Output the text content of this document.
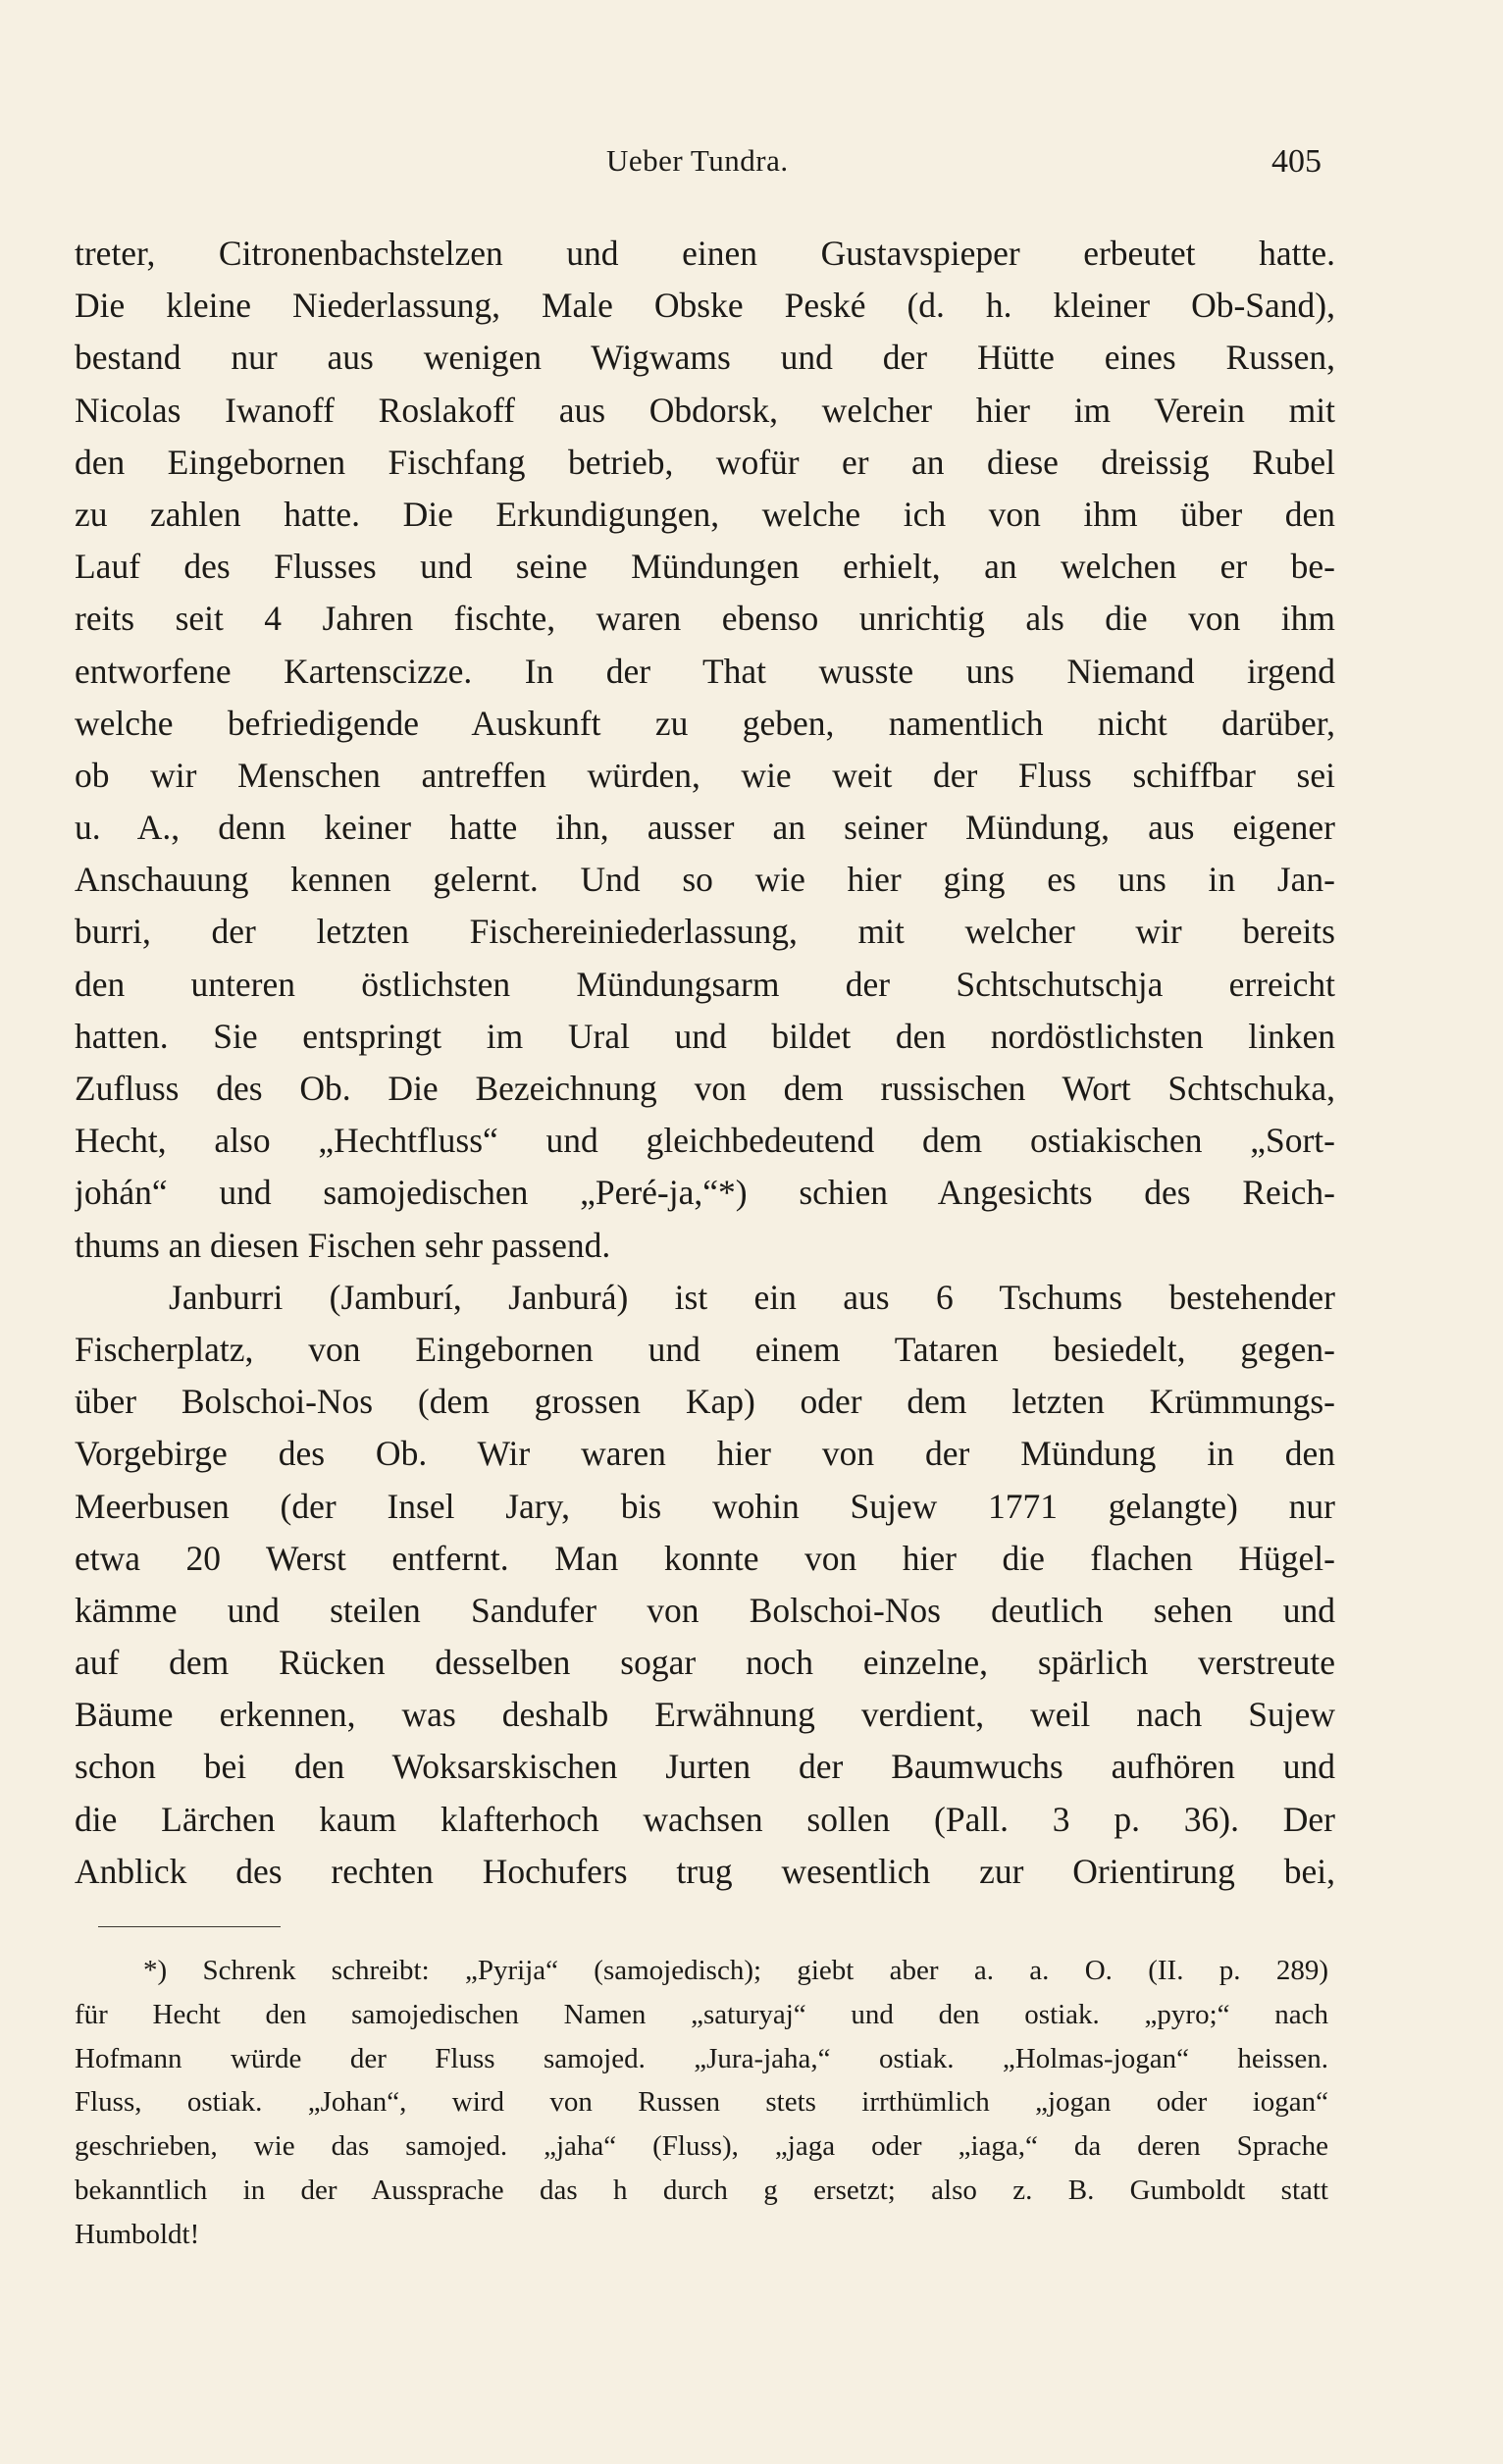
Ueber Tundra.	405
treter, Citronenbachstelzen und einen Gustavspieper erbeutet hatte.
Die kleine Niederlassung, Male Obske Peské (d. h. kleiner Ob-Sand),
bestand nur aus wenigen Wigwams und der Hütte eines Russen,
Nicolas Iwanoff Roslakoff aus Obdorsk, welcher hier im Verein mit
den Eingebornen Fischfang betrieb, wofür er an diese dreissig Rubel
zu zahlen hatte. Die Erkundigungen, welche ich von ihm über den
Lauf des Flusses und seine Mündungen erhielt, an welchen er be-
reits seit 4 Jahren fischte, waren ebenso unrichtig als die von ihm
entworfene Kartenscizze. In der That wusste uns Niemand irgend
welche befriedigende Auskunft zu geben, namentlich nicht darüber,
ob wir Menschen antreffen würden, wie weit der Fluss schiffbar sei
u. A., denn keiner hatte ihn, ausser an seiner Mündung, aus eigener
Anschauung kennen gelernt. Und so wie hier ging es uns in Jan-
burri, der letzten Fischereiniederlassung, mit welcher wir bereits
den unteren östlichsten Mündungsarm der Schtschutschja erreicht
hatten. Sie entspringt im Ural und bildet den nordöstlichsten linken
Zufluss des Ob. Die Bezeichnung von dem russischen Wort Schtschuka,
Hecht, also „Hechtfluss“ und gleichbedeutend dem ostiakischen „Sort-
johán“ und samojedischen „Peré-ja,“*) schien Angesichts des Reich-
thums an diesen Fischen sehr passend.
Janburri (Jamburí, Janburá) ist ein aus 6 Tschums bestehender
Fischerplatz, von Eingebornen und einem Tataren besiedelt, gegen-
über Bolschoi-Nos (dem grossen Kap) oder dem letzten Krümmungs-
Vorgebirge des Ob. Wir waren hier von der Mündung in den
Meerbusen (der Insel Jary, bis wohin Sujew 1771 gelangte) nur
etwa 20 Werst entfernt. Man konnte von hier die flachen Hügel-
kämme und steilen Sandufer von Bolschoi-Nos deutlich sehen und
auf dem Rücken desselben sogar noch einzelne, spärlich verstreute
Bäume erkennen, was deshalb Erwähnung verdient, weil nach Sujew
schon bei den Woksarskischen Jurten der Baumwuchs aufhören und
die Lärchen kaum klafterhoch wachsen sollen (Pall. 3 p. 36). Der
Anblick des rechten Hochufers trug wesentlich zur Orientirung bei,
*) Schrenk schreibt: „Pyrija“ (samojedisch); giebt aber a. a. O. (II. p. 289)
für Hecht den samojedischen Namen „saturyaj“ und den ostiak. „pyro;“ nach
Hofmann würde der Fluss samojed. „Jura-jaha,“ ostiak. „Holmas-jogan“ heissen.
Fluss, ostiak. „Johan“, wird von Russen stets irrthümlich „jogan oder iogan“
geschrieben, wie das samojed. „jaha“ (Fluss), „jaga oder „iaga,“ da deren Sprache
bekanntlich in der Aussprache das h durch g ersetzt; also z. B. Gumboldt statt
Humboldt!
